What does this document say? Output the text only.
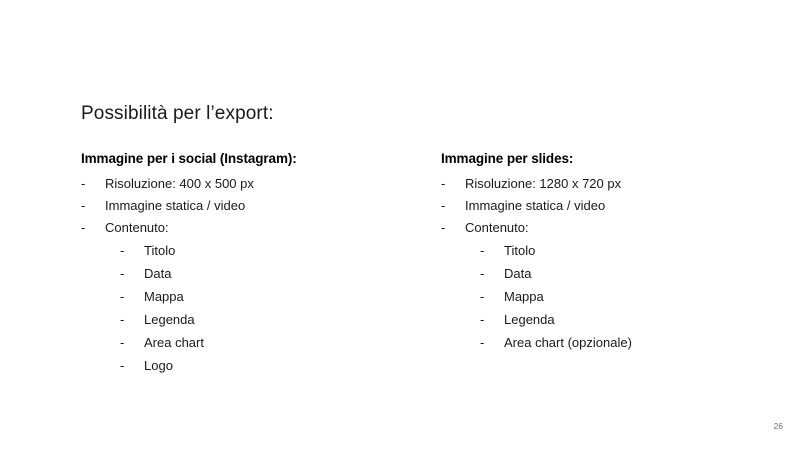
Possibilità per l’export:
Immagine per i social (Instagram):
-	Risoluzione: 400 x 500 px
-	Immagine statica / video
-	Contenuto:
-	Titolo
-	Data
-	Mappa
-	Legenda
-	Area chart
-	Logo
Immagine per slides:
-	Risoluzione: 1280 x 720 px
-	Immagine statica / video
-	Contenuto:
-	Titolo
-	Data
-	Mappa
-	Legenda
-	Area chart (opzionale)
26
